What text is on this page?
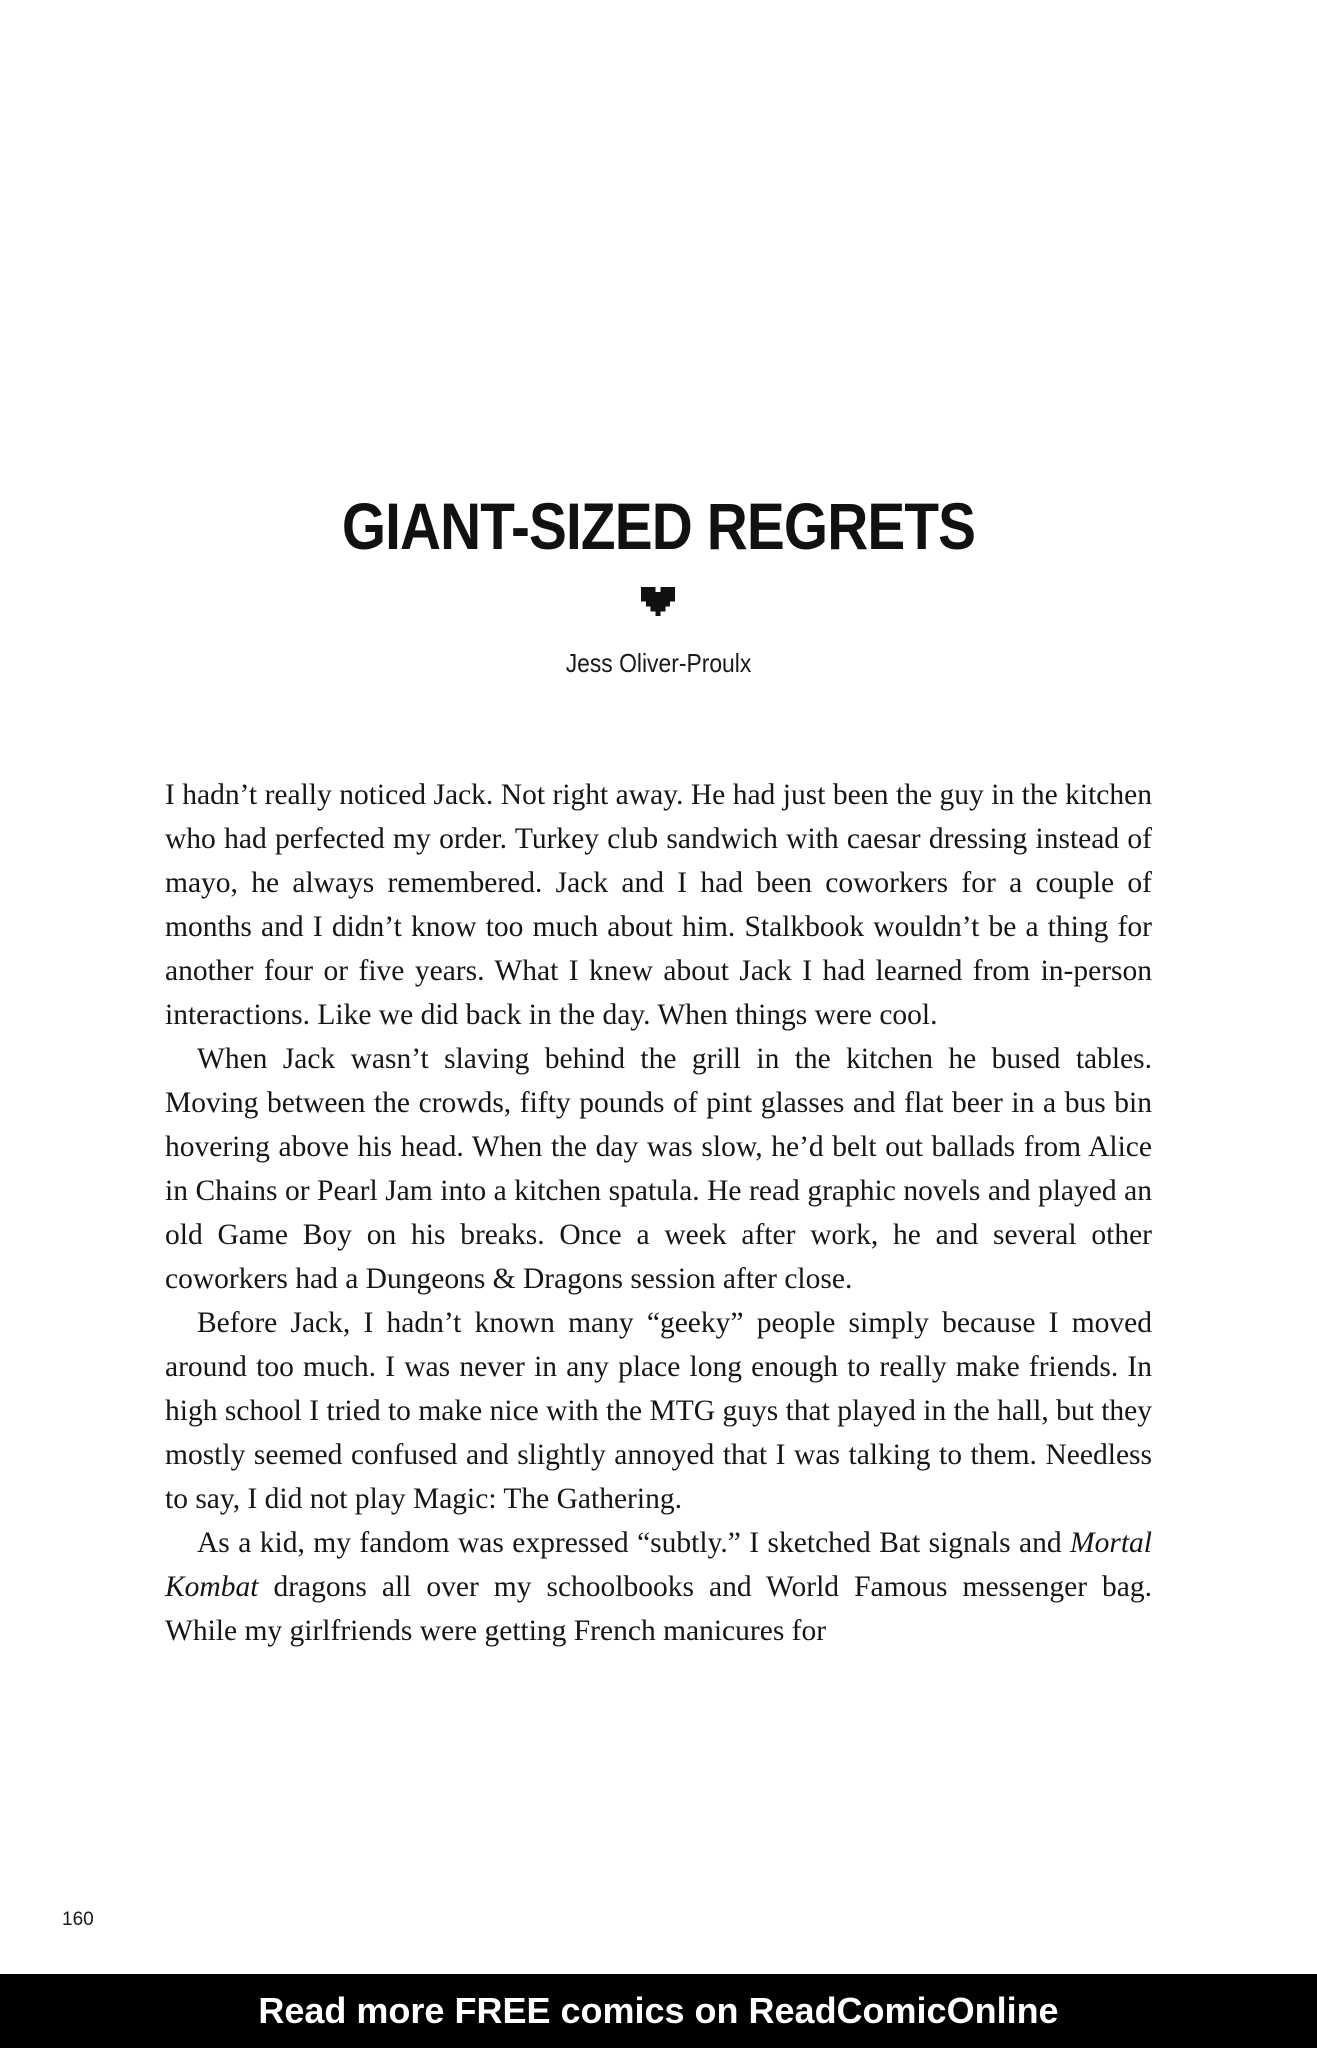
GIANT-SIZED REGRETS
Jess Oliver-Proulx

I hadn’t really noticed Jack. Not right away. He had just been the guy in the kitchen who had perfected my order. Turkey club sandwich with caesar dressing instead of mayo, he always remembered. Jack and I had been coworkers for a couple of months and I didn’t know too much about him. Stalkbook wouldn’t be a thing for another four or five years. What I knew about Jack I had learned from in-person interactions. Like we did back in the day. When things were cool.

When Jack wasn’t slaving behind the grill in the kitchen he bused tables. Moving between the crowds, fifty pounds of pint glasses and flat beer in a bus bin hovering above his head. When the day was slow, he’d belt out ballads from Alice in Chains or Pearl Jam into a kitchen spatula. He read graphic novels and played an old Game Boy on his breaks. Once a week after work, he and several other coworkers had a Dungeons & Dragons session after close.

Before Jack, I hadn’t known many “geeky” people simply because I moved around too much. I was never in any place long enough to really make friends. In high school I tried to make nice with the MTG guys that played in the hall, but they mostly seemed confused and slightly annoyed that I was talking to them. Needless to say, I did not play Magic: The Gathering.

As a kid, my fandom was expressed “subtly.” I sketched Bat signals and Mortal Kombat dragons all over my schoolbooks and World Famous messenger bag. While my girlfriends were getting French manicures for

160
Read more FREE comics on ReadComicOnline
